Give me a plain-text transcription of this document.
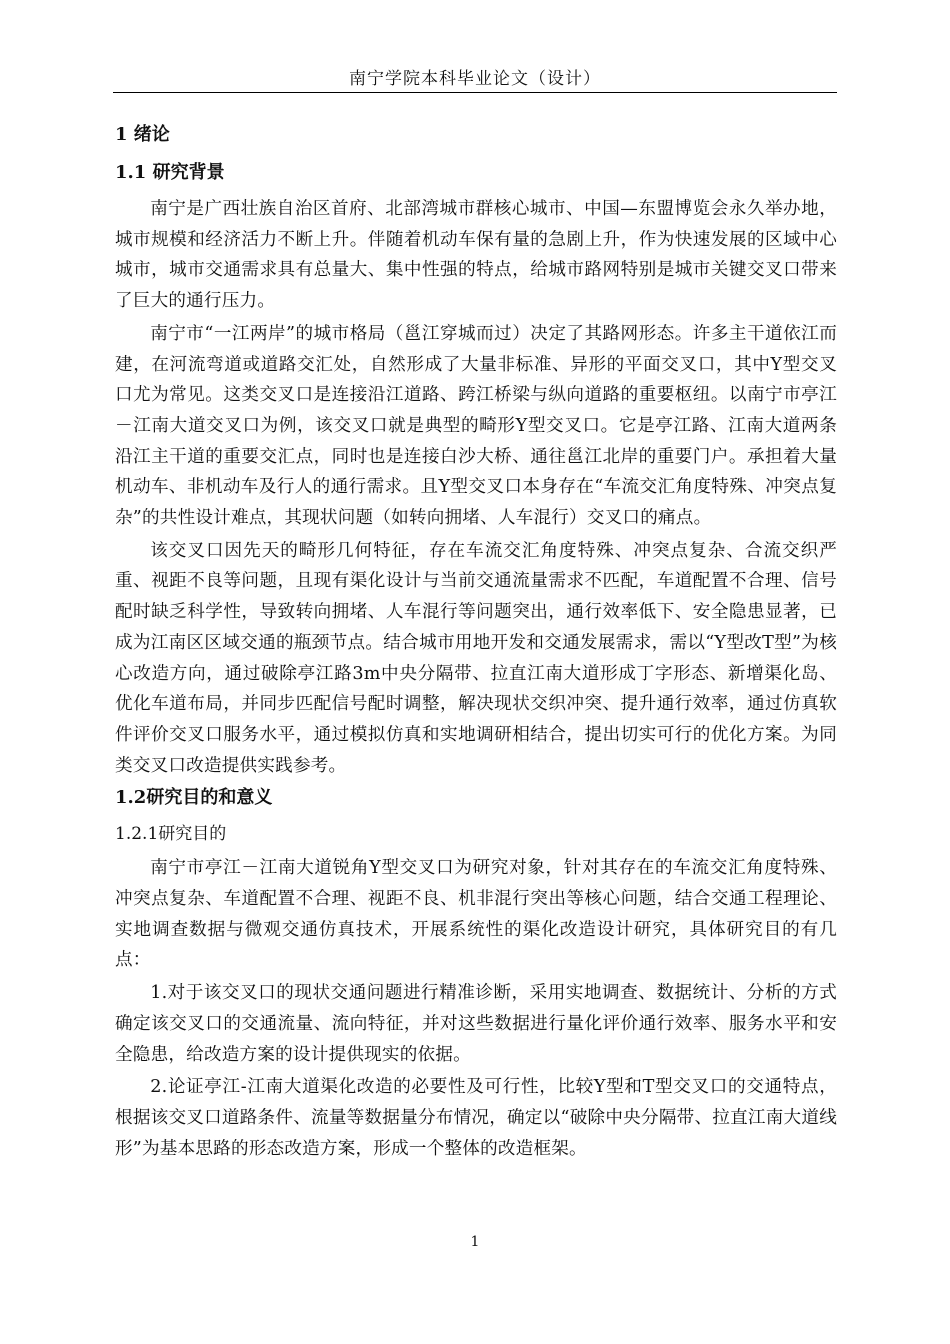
南宁学院本科毕业论文（设计）
1 绪论
1.1 研究背景

南宁是广西壮族自治区首府、北部湾城市群核心城市、中国—东盟博览会永久举办地，城市规模和经济活力不断上升。伴随着机动车保有量的急剧上升，作为快速发展的区域中心城市，城市交通需求具有总量大、集中性强的特点，给城市路网特别是城市关键交叉口带来了巨大的通行压力。

南宁市“一江两岸”的城市格局（邕江穿城而过）决定了其路网形态。许多主干道依江而建，在河流弯道或道路交汇处，自然形成了大量非标准、异形的平面交叉口，其中Y型交叉口尤为常见。这类交叉口是连接沿江道路、跨江桥梁与纵向道路的重要枢纽。以南宁市亭江－江南大道交叉口为例，该交叉口就是典型的畸形Y型交叉口。它是亭江路、江南大道两条沿江主干道的重要交汇点，同时也是连接白沙大桥、通往邕江北岸的重要门户。承担着大量机动车、非机动车及行人的通行需求。且Y型交叉口本身存在“车流交汇角度特殊、冲突点复杂”的共性设计难点，其现状问题（如转向拥堵、人车混行）交叉口的痛点。

该交叉口因先天的畸形几何特征，存在车流交汇角度特殊、冲突点复杂、合流交织严重、视距不良等问题，且现有渠化设计与当前交通流量需求不匹配，车道配置不合理、信号配时缺乏科学性，导致转向拥堵、人车混行等问题突出，通行效率低下、安全隐患显著，已成为江南区区域交通的瓶颈节点。结合城市用地开发和交通发展需求，需以“Y型改T型”为核心改造方向，通过破除亭江路3m中央分隔带、拉直江南大道形成丁字形态、新增渠化岛、优化车道布局，并同步匹配信号配时调整，解决现状交织冲突、提升通行效率，通过仿真软件评价交叉口服务水平，通过模拟仿真和实地调研相结合，提出切实可行的优化方案。为同类交叉口改造提供实践参考。

1.2研究目的和意义
1.2.1研究目的

南宁市亭江－江南大道锐角Y型交叉口为研究对象，针对其存在的车流交汇角度特殊、冲突点复杂、车道配置不合理、视距不良、机非混行突出等核心问题，结合交通工程理论、实地调查数据与微观交通仿真技术，开展系统性的渠化改造设计研究，具体研究目的有几点：

1.对于该交叉口的现状交通问题进行精准诊断，采用实地调查、数据统计、分析的方式确定该交叉口的交通流量、流向特征，并对这些数据进行量化评价通行效率、服务水平和安全隐患，给改造方案的设计提供现实的依据。

2.论证亭江-江南大道渠化改造的必要性及可行性，比较Y型和T型交叉口的交通特点，根据该交叉口道路条件、流量等数据量分布情况，确定以“破除中央分隔带、拉直江南大道线形”为基本思路的形态改造方案，形成一个整体的改造框架。

1
